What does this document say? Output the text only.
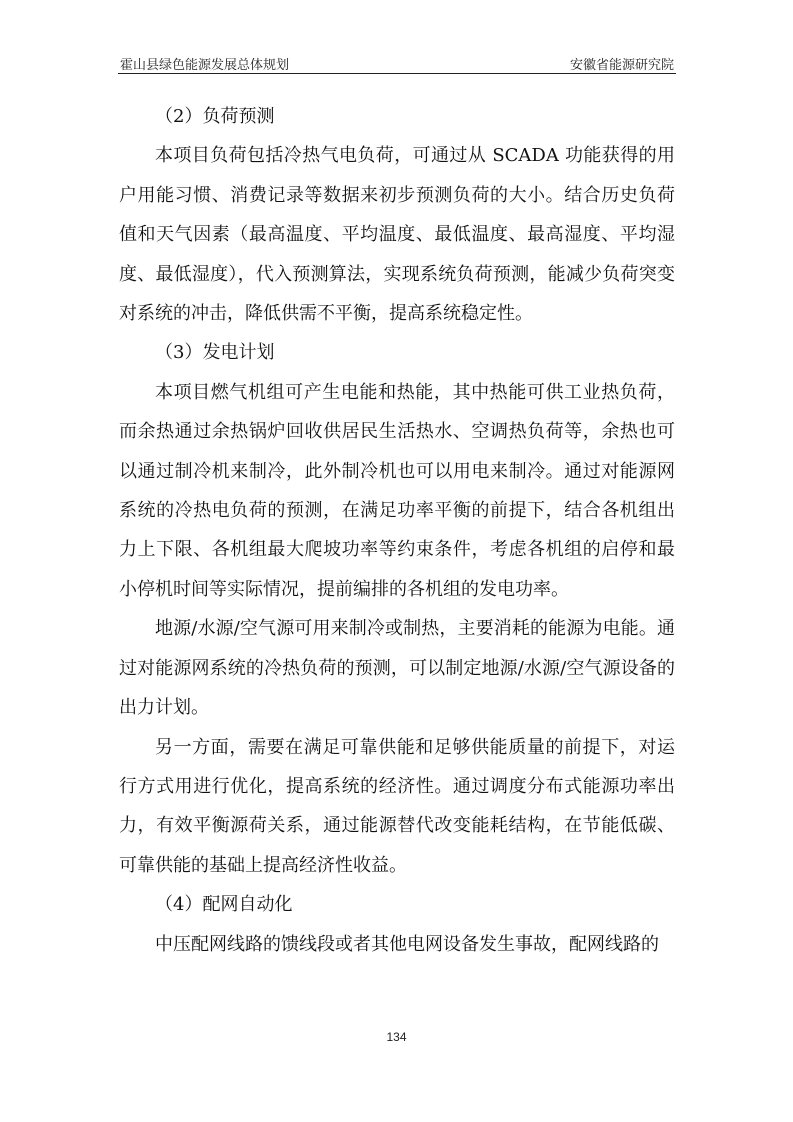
霍山县绿色能源发展总体规划	安徽省能源研究院

（2）负荷预测

本项目负荷包括冷热气电负荷，可通过从 SCADA 功能获得的用户用能习惯、消费记录等数据来初步预测负荷的大小。结合历史负荷值和天气因素（最高温度、平均温度、最低温度、最高湿度、平均湿度、最低湿度），代入预测算法，实现系统负荷预测，能减少负荷突变对系统的冲击，降低供需不平衡，提高系统稳定性。

（3）发电计划

本项目燃气机组可产生电能和热能，其中热能可供工业热负荷，而余热通过余热锅炉回收供居民生活热水、空调热负荷等，余热也可以通过制冷机来制冷，此外制冷机也可以用电来制冷。通过对能源网系统的冷热电负荷的预测，在满足功率平衡的前提下，结合各机组出力上下限、各机组最大爬坡功率等约束条件，考虑各机组的启停和最小停机时间等实际情况，提前编排的各机组的发电功率。

地源/水源/空气源可用来制冷或制热，主要消耗的能源为电能。通过对能源网系统的冷热负荷的预测，可以制定地源/水源/空气源设备的出力计划。

另一方面，需要在满足可靠供能和足够供能质量的前提下，对运行方式用进行优化，提高系统的经济性。通过调度分布式能源功率出力，有效平衡源荷关系，通过能源替代改变能耗结构，在节能低碳、可靠供能的基础上提高经济性收益。

（4）配网自动化

中压配网线路的馈线段或者其他电网设备发生事故，配网线路的

134
